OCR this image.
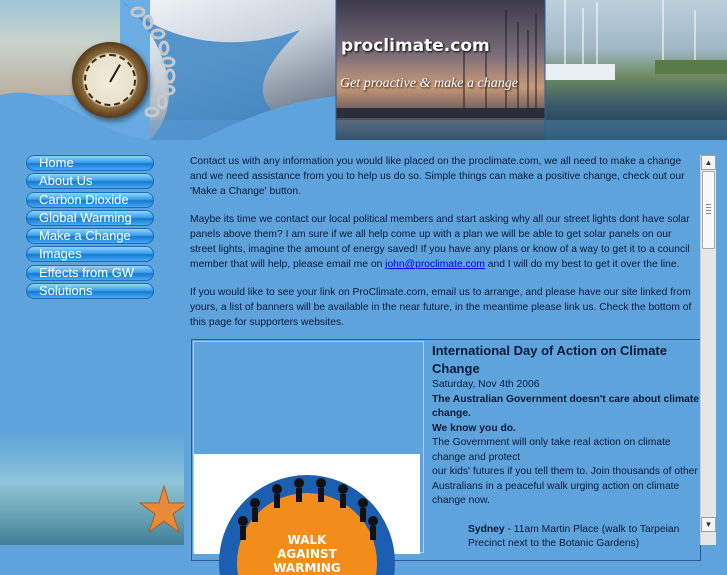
proclimate.com
Get proactive & make a change
Home
About Us
Carbon Dioxide
Global Warming
Make a Change
Images
Effects from GW
Solutions

Contact us with any information you would like placed on the proclimate.com, we all need to make a change and we need assistance from you to help us do so. Simple things can make a positive change, check out our 'Make a Change' button.

Maybe its time we contact our local political members and start asking why all our street lights dont have solar panels above them? I am sure if we all help come up with a plan we will be able to get solar panels on our street lights, imagine the amount of energy saved! If you have any plans or know of a way to get it to a council member that will help, please email me on john@proclimate.com and I will do my best to get it over the line.

If you would like to see your link on ProClimate.com, email us to arrange, and please have our site linked from yours, a list of banners will be available in the near future, in the meantime please link us. Check the bottom of this page for supporters websites.

WALK
AGAINST
WARMING
International Day of Action on Climate Change
Saturday, Nov 4th 2006
The Australian Government doesn't care about climate change.
We know you do.
The Government will only take real action on climate change and protect
our kids' futures if you tell them to. Join thousands of other Australians in a peaceful walk urging action on climate change now.
Sydney - 11am Martin Place (walk to Tarpeian Precinct next to the Botanic Gardens)
▲
▼
